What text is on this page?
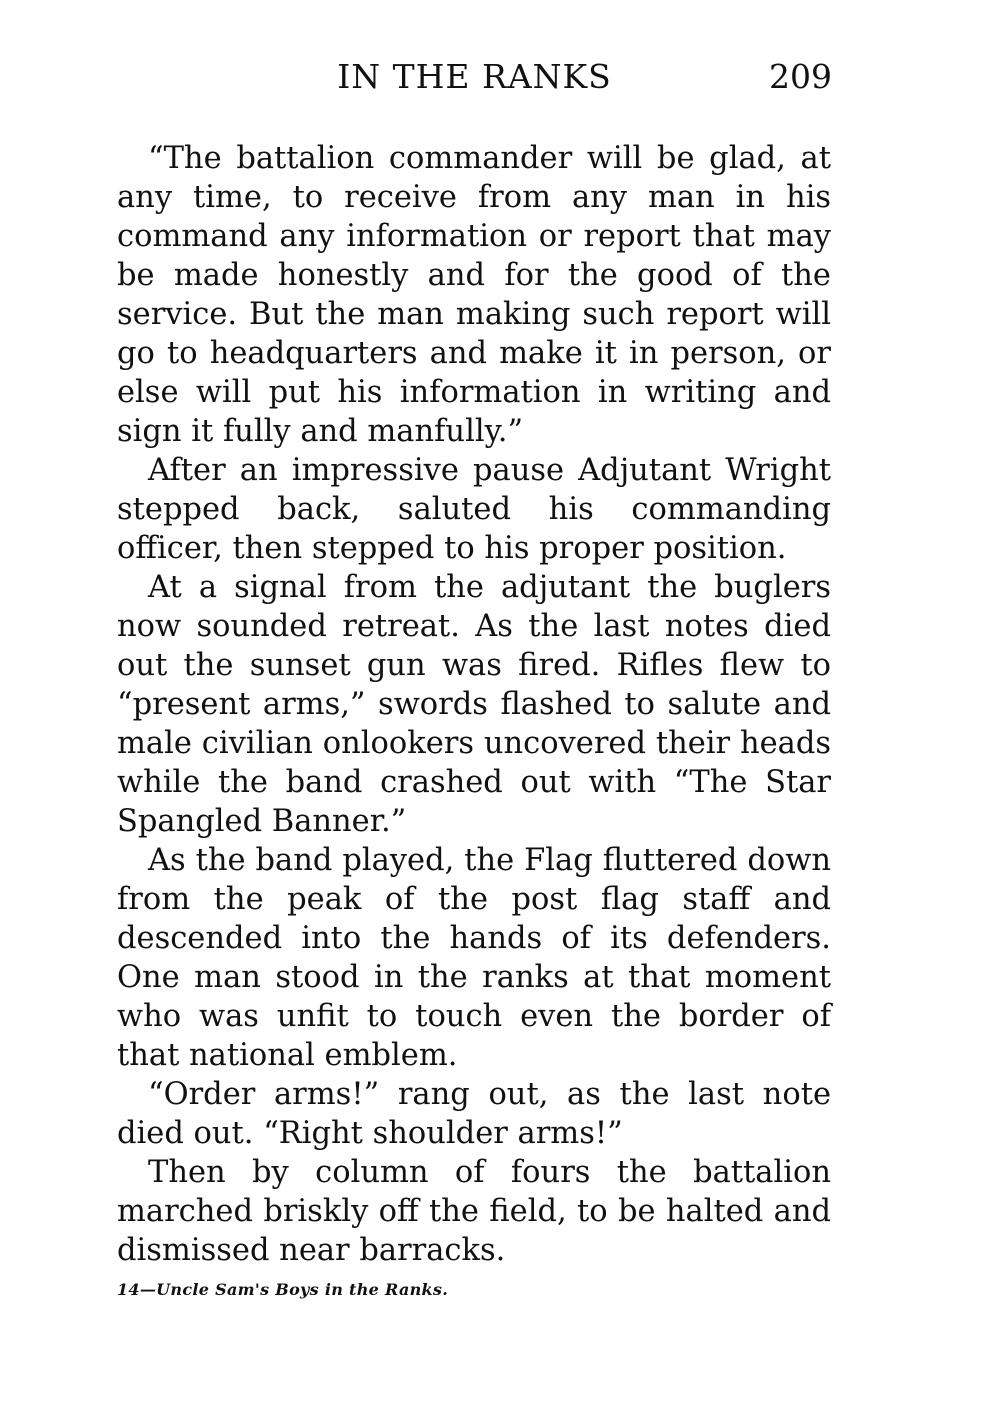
IN THE RANKS	209

“The battalion commander will be glad, at any time, to receive from any man in his command any information or report that may be made honestly and for the good of the service. But the man making such report will go to headquarters and make it in person, or else will put his information in writing and sign it fully and manfully.”

After an impressive pause Adjutant Wright stepped back, saluted his commanding officer, then stepped to his proper position.

At a signal from the adjutant the buglers now sounded retreat. As the last notes died out the sunset gun was fired. Rifles flew to “present arms,” swords flashed to salute and male civilian onlookers uncovered their heads while the band crashed out with “The Star Spangled Banner.”

As the band played, the Flag fluttered down from the peak of the post flag staff and descended into the hands of its defenders. One man stood in the ranks at that moment who was unfit to touch even the border of that national emblem.

“Order arms!” rang out, as the last note died out. “Right shoulder arms!”

Then by column of fours the battalion marched briskly off the field, to be halted and dismissed near barracks.

14—Uncle Sam's Boys in the Ranks.
